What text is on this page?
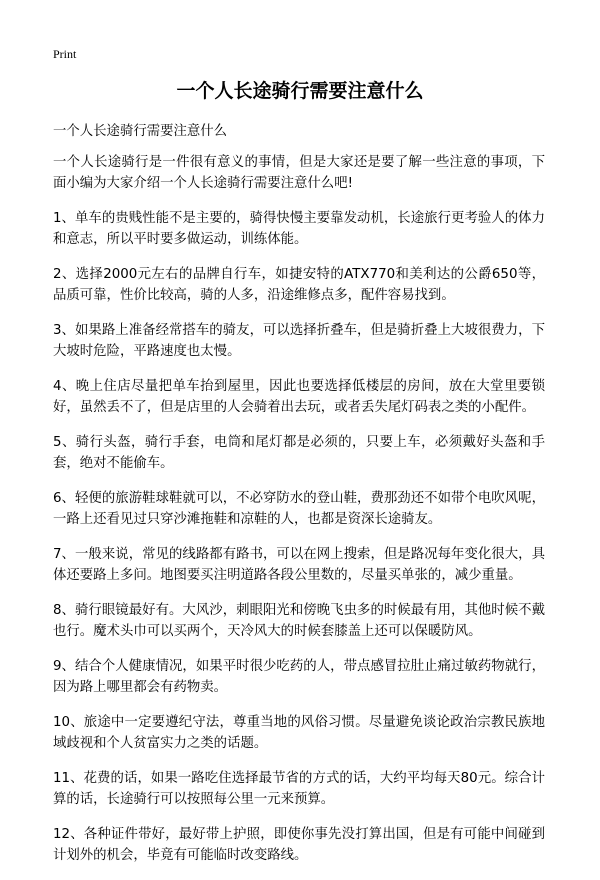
Print
一个人长途骑行需要注意什么

一个人长途骑行需要注意什么

一个人长途骑行是一件很有意义的事情，但是大家还是要了解一些注意的事项，下面小编为大家介绍一个人长途骑行需要注意什么吧!

1、单车的贵贱性能不是主要的，骑得快慢主要靠发动机，长途旅行更考验人的体力和意志，所以平时要多做运动，训练体能。

2、选择2000元左右的品牌自行车，如捷安特的ATX770和美利达的公爵650等，品质可靠，性价比较高，骑的人多，沿途维修点多，配件容易找到。

3、如果路上准备经常搭车的骑友，可以选择折叠车，但是骑折叠上大坡很费力，下大坡时危险，平路速度也太慢。

4、晚上住店尽量把单车抬到屋里，因此也要选择低楼层的房间，放在大堂里要锁好，虽然丢不了，但是店里的人会骑着出去玩，或者丢失尾灯码表之类的小配件。

5、骑行头盔，骑行手套，电筒和尾灯都是必须的，只要上车，必须戴好头盔和手套，绝对不能偷车。

6、轻便的旅游鞋球鞋就可以，不必穿防水的登山鞋，费那劲还不如带个电吹风呢，一路上还看见过只穿沙滩拖鞋和凉鞋的人，也都是资深长途骑友。

7、一般来说，常见的线路都有路书，可以在网上搜索，但是路况每年变化很大，具体还要路上多问。地图要买注明道路各段公里数的，尽量买单张的，减少重量。

8、骑行眼镜最好有。大风沙，刺眼阳光和傍晚飞虫多的时候最有用，其他时候不戴也行。魔术头巾可以买两个，天冷风大的时候套膝盖上还可以保暖防风。

9、结合个人健康情况，如果平时很少吃药的人，带点感冒拉肚止痛过敏药物就行，因为路上哪里都会有药物卖。

10、旅途中一定要遵纪守法，尊重当地的风俗习惯。尽量避免谈论政治宗教民族地域歧视和个人贫富实力之类的话题。

11、花费的话，如果一路吃住选择最节省的方式的话，大约平均每天80元。综合计算的话，长途骑行可以按照每公里一元来预算。

12、各种证件带好，最好带上护照，即使你事先没打算出国，但是有可能中间碰到计划外的机会，毕竟有可能临时改变路线。
